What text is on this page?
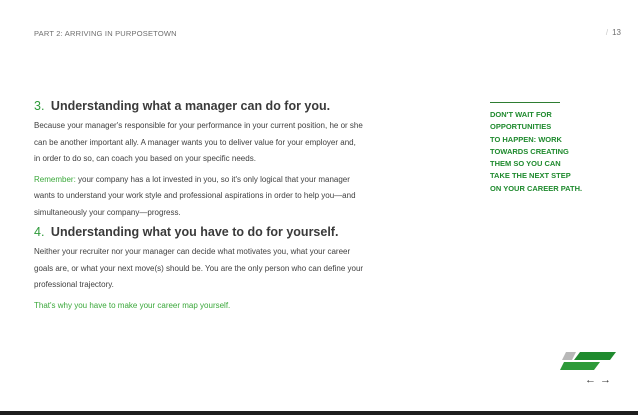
PART 2: ARRIVING IN PURPOSETOWN	/ 13
3. Understanding what a manager can do for you.

Because your manager's responsible for your performance in your current position, he or she can be another important ally. A manager wants you to deliver value for your employer and, in order to do so, can coach you based on your specific needs.

Remember: your company has a lot invested in you, so it's only logical that your manager wants to understand your work style and professional aspirations in order to help you—and simultaneously your company—progress.

4. Understanding what you have to do for yourself.

Neither your recruiter nor your manager can decide what motivates you, what your career goals are, or what your next move(s) should be. You are the only person who can define your professional trajectory.

That's why you have to make your career map yourself.

DON'T WAIT FOR
OPPORTUNITIES
TO HAPPEN: WORK
TOWARDS CREATING
THEM SO YOU CAN
TAKE THE NEXT STEP
ON YOUR CAREER PATH.
← →
